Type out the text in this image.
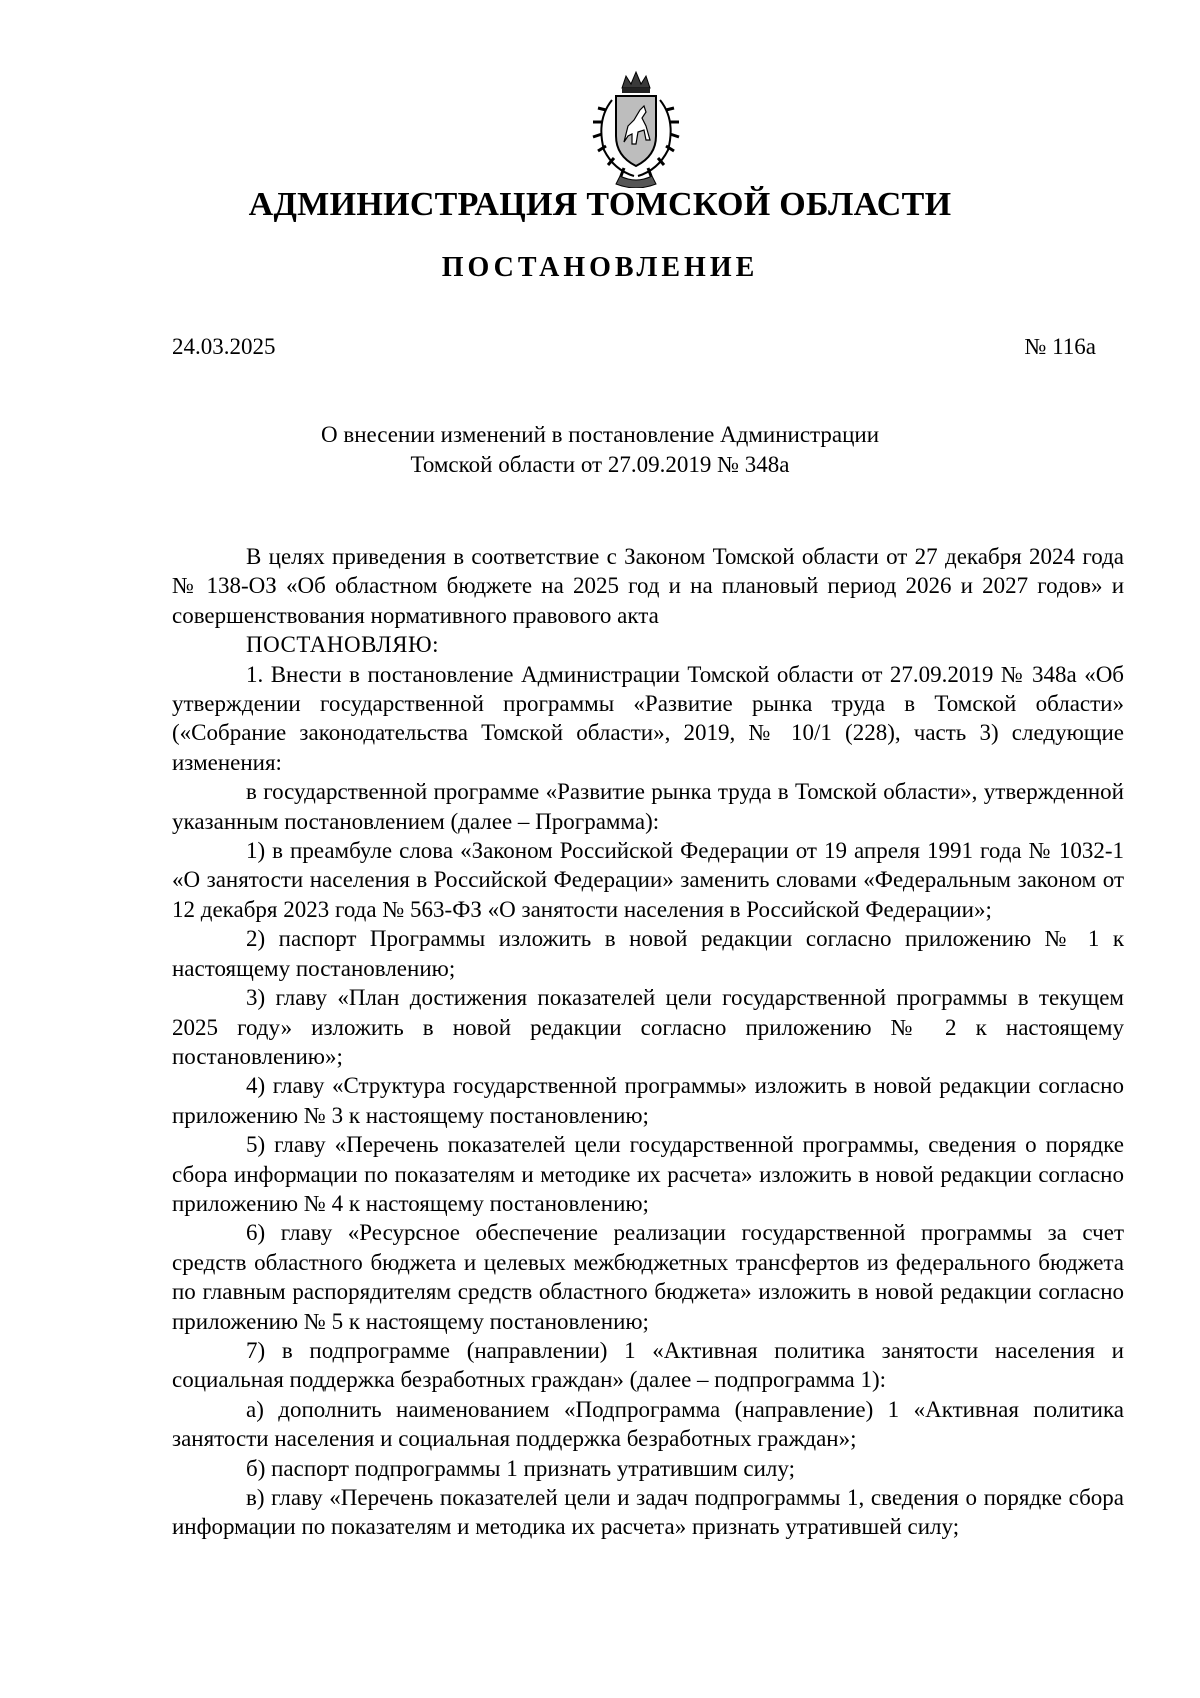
АДМИНИСТРАЦИЯ ТОМСКОЙ ОБЛАСТИ
ПОСТАНОВЛЕНИЕ
24.03.2025	№ 116а
О внесении изменений в постановление Администрации
Томской области от 27.09.2019 № 348а

В целях приведения в соответствие с Законом Томской области от 27 декабря 2024 года № 138-ОЗ «Об областном бюджете на 2025 год и на плановый период 2026 и 2027 годов» и совершенствования нормативного правового акта

ПОСТАНОВЛЯЮ:

1. Внести в постановление Администрации Томской области от 27.09.2019 № 348а «Об утверждении государственной программы «Развитие рынка труда в Томской области» («Собрание законодательства Томской области», 2019, № 10/1 (228), часть 3) следующие изменения:

в государственной программе «Развитие рынка труда в Томской области», утвержденной указанным постановлением (далее – Программа):

1) в преамбуле слова «Законом Российской Федерации от 19 апреля 1991 года № 1032-1 «О занятости населения в Российской Федерации» заменить словами «Федеральным законом от 12 декабря 2023 года № 563-ФЗ «О занятости населения в Российской Федерации»;

2) паспорт Программы изложить в новой редакции согласно приложению № 1 к настоящему постановлению;

3) главу «План достижения показателей цели государственной программы в текущем 2025 году» изложить в новой редакции согласно приложению № 2 к настоящему постановлению»;

4) главу «Структура государственной программы» изложить в новой редакции согласно приложению № 3 к настоящему постановлению;

5) главу «Перечень показателей цели государственной программы, сведения о порядке сбора информации по показателям и методике их расчета» изложить в новой редакции согласно приложению № 4 к настоящему постановлению;

6) главу «Ресурсное обеспечение реализации государственной программы за счет средств областного бюджета и целевых межбюджетных трансфертов из федерального бюджета по главным распорядителям средств областного бюджета» изложить в новой редакции согласно приложению № 5 к настоящему постановлению;

7) в подпрограмме (направлении) 1 «Активная политика занятости населения и социальная поддержка безработных граждан» (далее – подпрограмма 1):

а) дополнить наименованием «Подпрограмма (направление) 1 «Активная политика занятости населения и социальная поддержка безработных граждан»;

б) паспорт подпрограммы 1 признать утратившим силу;

в) главу «Перечень показателей цели и задач подпрограммы 1, сведения о порядке сбора информации по показателям и методика их расчета» признать утратившей силу;
